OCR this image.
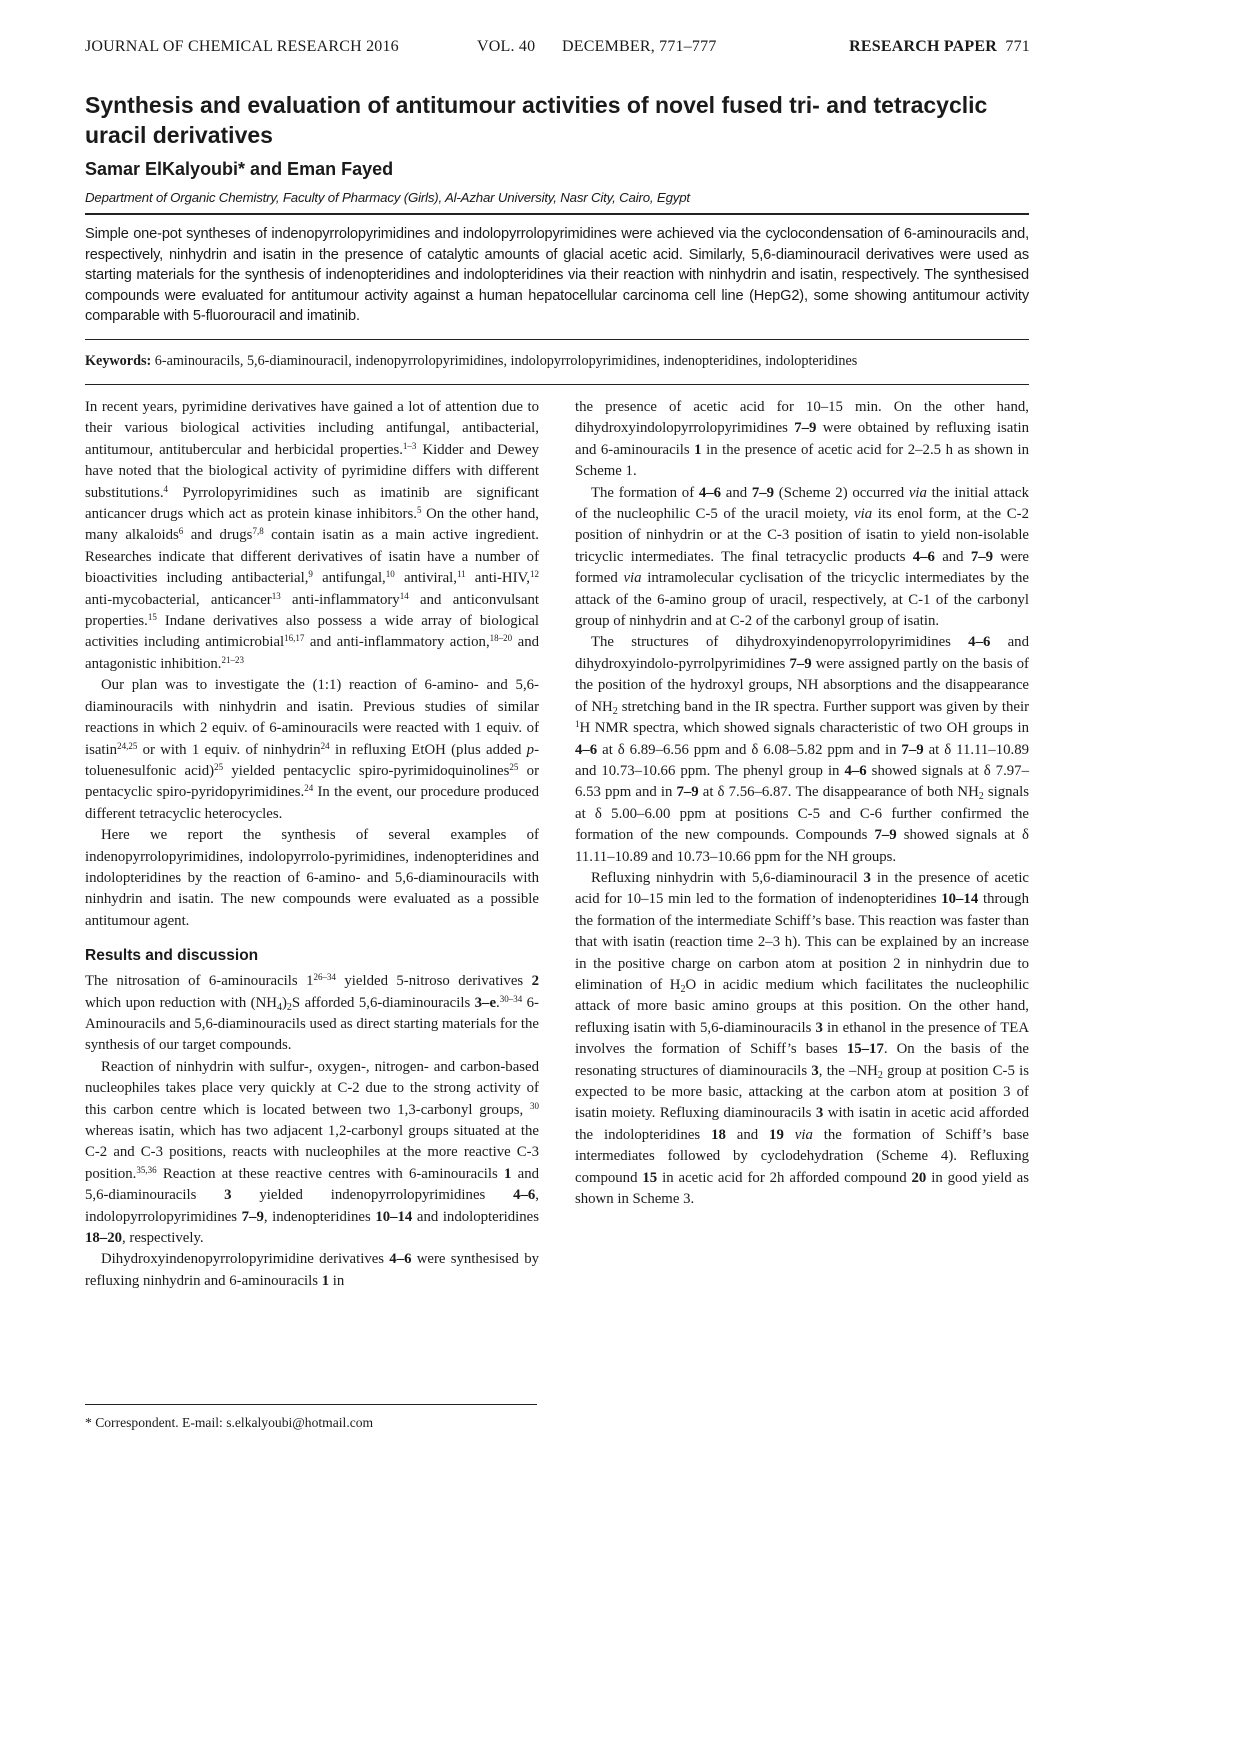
JOURNAL OF CHEMICAL RESEARCH 2016	VOL. 40 DECEMBER, 771–777	RESEARCH PAPER 771
Synthesis and evaluation of antitumour activities of novel fused tri- and tetracyclic uracil derivatives

Samar ElKalyoubi* and Eman Fayed

Department of Organic Chemistry, Faculty of Pharmacy (Girls), Al-Azhar University, Nasr City, Cairo, Egypt

Simple one-pot syntheses of indenopyrrolopyrimidines and indolopyrrolopyrimidines were achieved via the cyclocondensation of 6-aminouracils and, respectively, ninhydrin and isatin in the presence of catalytic amounts of glacial acetic acid. Similarly, 5,6-diaminouracil derivatives were used as starting materials for the synthesis of indenopteridines and indolopteridines via their reaction with ninhydrin and isatin, respectively. The synthesised compounds were evaluated for antitumour activity against a human hepatocellular carcinoma cell line (HepG2), some showing antitumour activity comparable with 5-fluorouracil and imatinib.

Keywords: 6-aminouracils, 5,6-diaminouracil, indenopyrrolopyrimidines, indolopyrrolopyrimidines, indenopteridines, indolopteridines

In recent years, pyrimidine derivatives have gained a lot of attention due to their various biological activities including antifungal, antibacterial, antitumour, antitubercular and herbicidal properties.$^{1-3}$ Kidder and Dewey have noted that the biological activity of pyrimidine differs with different substitutions.$^4$ Pyrrolopyrimidines such as imatinib are significant anticancer drugs which act as protein kinase inhibitors.$^5$ On the other hand, many alkaloids$^6$ and drugs$^{7,8}$ contain isatin as a main active ingredient. Researches indicate that different derivatives of isatin have a number of bioactivities including antibacterial,$^9$ antifungal,$^{10}$ antiviral,$^{11}$ anti-HIV,$^{12}$ anti-mycobacterial, anticancer$^{13}$ anti-inflammatory$^{14}$ and anticonvulsant properties.$^{15}$ Indane derivatives also possess a wide array of biological activities including antimicrobial$^{16,17}$ and anti-inflammatory action,$^{18-20}$ and antagonistic inhibition.$^{21-23}$

Our plan was to investigate the (1:1) reaction of 6-amino- and 5,6-diaminouracils with ninhydrin and isatin. Previous studies of similar reactions in which 2 equiv. of 6-aminouracils were reacted with 1 equiv. of isatin$^{24,25}$ or with 1 equiv. of ninhydrin$^{24}$ in refluxing EtOH (plus added p-toluenesulfonic acid)$^{25}$ yielded pentacyclic spiro-pyrimidoquinolines$^{25}$ or pentacyclic spiro-pyridopyrimidines.$^{24}$ In the event, our procedure produced different tetracyclic heterocycles.

Here we report the synthesis of several examples of indenopyrrolopyrimidines, indolopyrrolo-pyrimidines, indenopteridines and indolopteridines by the reaction of 6-amino- and 5,6-diaminouracils with ninhydrin and isatin. The new compounds were evaluated as a possible antitumour agent.

Results and discussion

The nitrosation of 6-aminouracils 1$^{26-34}$ yielded 5-nitroso derivatives 2 which upon reduction with $(NH_4)_2S$ afforded 5,6-diaminouracils 3–e.$^{30-34}$ 6-Aminouracils and 5,6-diaminouracils used as direct starting materials for the synthesis of our target compounds.

Reaction of ninhydrin with sulfur-, oxygen-, nitrogen- and carbon-based nucleophiles takes place very quickly at C-2 due to the strong activity of this carbon centre which is located between two 1,3-carbonyl groups, $^{30}$ whereas isatin, which has two adjacent 1,2-carbonyl groups situated at the C-2 and C-3 positions, reacts with nucleophiles at the more reactive C-3 position.$^{35,36}$ Reaction at these reactive centres with 6-aminouracils 1 and 5,6-diaminouracils 3 yielded indenopyrrolopyrimidines 4–6, indolopyrrolopyrimidines 7–9, indenopteridines 10–14 and indolopteridines 18–20, respectively.

Dihydroxyindenopyrrolopyrimidine derivatives 4–6 were synthesised by refluxing ninhydrin and 6-aminouracils 1 in

the presence of acetic acid for 10–15 min. On the other hand, dihydroxyindolopyrrolopyrimidines 7–9 were obtained by refluxing isatin and 6-aminouracils 1 in the presence of acetic acid for 2–2.5 h as shown in Scheme 1.

The formation of 4–6 and 7–9 (Scheme 2) occurred via the initial attack of the nucleophilic C-5 of the uracil moiety, via its enol form, at the C-2 position of ninhydrin or at the C-3 position of isatin to yield non-isolable tricyclic intermediates. The final tetracyclic products 4–6 and 7–9 were formed via intramolecular cyclisation of the tricyclic intermediates by the attack of the 6-amino group of uracil, respectively, at C-1 of the carbonyl group of ninhydrin and at C-2 of the carbonyl group of isatin.

The structures of dihydroxyindenopyrrolopyrimidines 4–6 and dihydroxyindolo-pyrrolpyrimidines 7–9 were assigned partly on the basis of the position of the hydroxyl groups, NH absorptions and the disappearance of $NH_2$ stretching band in the IR spectra. Further support was given by their $^1$H NMR spectra, which showed signals characteristic of two OH groups in 4–6 at δ 6.89–6.56 ppm and δ 6.08–5.82 ppm and in 7–9 at δ 11.11–10.89 and 10.73–10.66 ppm. The phenyl group in 4–6 showed signals at δ 7.97–6.53 ppm and in 7–9 at δ 7.56–6.87. The disappearance of both $NH_2$ signals at δ 5.00–6.00 ppm at positions C-5 and C-6 further confirmed the formation of the new compounds. Compounds 7–9 showed signals at δ 11.11–10.89 and 10.73–10.66 ppm for the NH groups.

Refluxing ninhydrin with 5,6-diaminouracil 3 in the presence of acetic acid for 10–15 min led to the formation of indenopteridines 10–14 through the formation of the intermediate Schiff’s base. This reaction was faster than that with isatin (reaction time 2–3 h). This can be explained by an increase in the positive charge on carbon atom at position 2 in ninhydrin due to elimination of $H_2O$ in acidic medium which facilitates the nucleophilic attack of more basic amino groups at this position. On the other hand, refluxing isatin with 5,6-diaminouracils 3 in ethanol in the presence of TEA involves the formation of Schiff’s bases 15–17. On the basis of the resonating structures of diaminouracils 3, the $-NH_2$ group at position C-5 is expected to be more basic, attacking at the carbon atom at position 3 of isatin moiety. Refluxing diaminouracils 3 with isatin in acetic acid afforded the indolopteridines 18 and 19 via the formation of Schiff’s base intermediates followed by cyclodehydration (Scheme 4). Refluxing compound 15 in acetic acid for 2h afforded compound 20 in good yield as shown in Scheme 3.

* Correspondent. E-mail: s.elkalyoubi@hotmail.com
